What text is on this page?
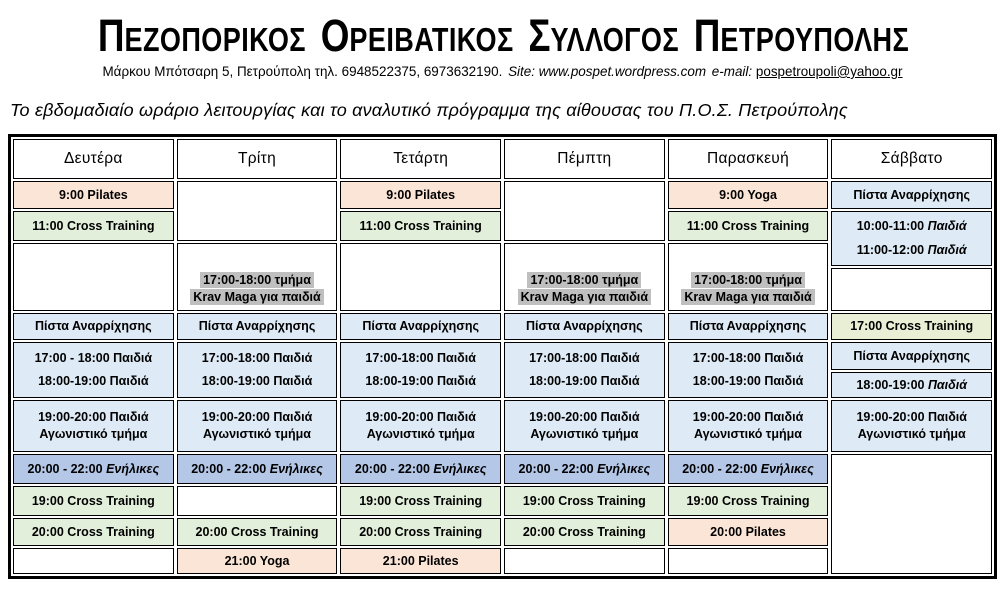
ΠΕΖΟΠΟΡΙΚΟΣ ΟΡΕΙΒΑΤΙΚΟΣ ΣΥΛΛΟΓΟΣ ΠΕΤΡΟΥΠΟΛΗΣ
Μάρκου Μπότσαρη 5, Πετρούπολη τηλ. 6948522375, 6973632190. Site: www.pospet.wordpress.com e-mail: pospetroupoli@yahoo.gr
Το εβδομαδιαίο ωράριο λειτουργίας και το αναλυτικό πρόγραμμα της αίθουσας του Π.Ο.Σ. Πετρούπολης
Δευτέρα
9:00 Pilates
11:00 Cross Training
Πίστα Αναρρίχησης
17:00 - 18:00 Παιδιά
18:00-19:00 Παιδιά
19:00-20:00 Παιδιά
Αγωνιστικό τμήμα
20:00 - 22:00 Ενήλικες
19:00 Cross Training
20:00 Cross Training
Τρίτη
17:00-18:00 τμήμα
Krav Maga για παιδιά
Πίστα Αναρρίχησης
17:00-18:00 Παιδιά
18:00-19:00 Παιδιά
19:00-20:00 Παιδιά
Αγωνιστικό τμήμα
20:00 - 22:00 Ενήλικες
20:00 Cross Training
21:00 Yoga
Τετάρτη
9:00 Pilates
11:00 Cross Training
Πίστα Αναρρίχησης
17:00-18:00 Παιδιά
18:00-19:00 Παιδιά
19:00-20:00 Παιδιά
Αγωνιστικό τμήμα
20:00 - 22:00 Ενήλικες
19:00 Cross Training
20:00 Cross Training
21:00 Pilates
Πέμπτη
17:00-18:00 τμήμα
Krav Maga για παιδιά
Πίστα Αναρρίχησης
17:00-18:00 Παιδιά
18:00-19:00 Παιδιά
19:00-20:00 Παιδιά
Αγωνιστικό τμήμα
20:00 - 22:00 Ενήλικες
19:00 Cross Training
20:00 Cross Training
Παρασκευή
9:00 Yoga
11:00 Cross Training
17:00-18:00 τμήμα
Krav Maga για παιδιά
Πίστα Αναρρίχησης
17:00-18:00 Παιδιά
18:00-19:00 Παιδιά
19:00-20:00 Παιδιά
Αγωνιστικό τμήμα
20:00 - 22:00 Ενήλικες
19:00 Cross Training
20:00 Pilates
Σάββατο
Πίστα Αναρρίχησης
10:00-11:00 Παιδιά
11:00-12:00 Παιδιά
17:00 Cross Training
Πίστα Αναρρίχησης
18:00-19:00 Παιδιά
19:00-20:00 Παιδιά
Αγωνιστικό τμήμα
